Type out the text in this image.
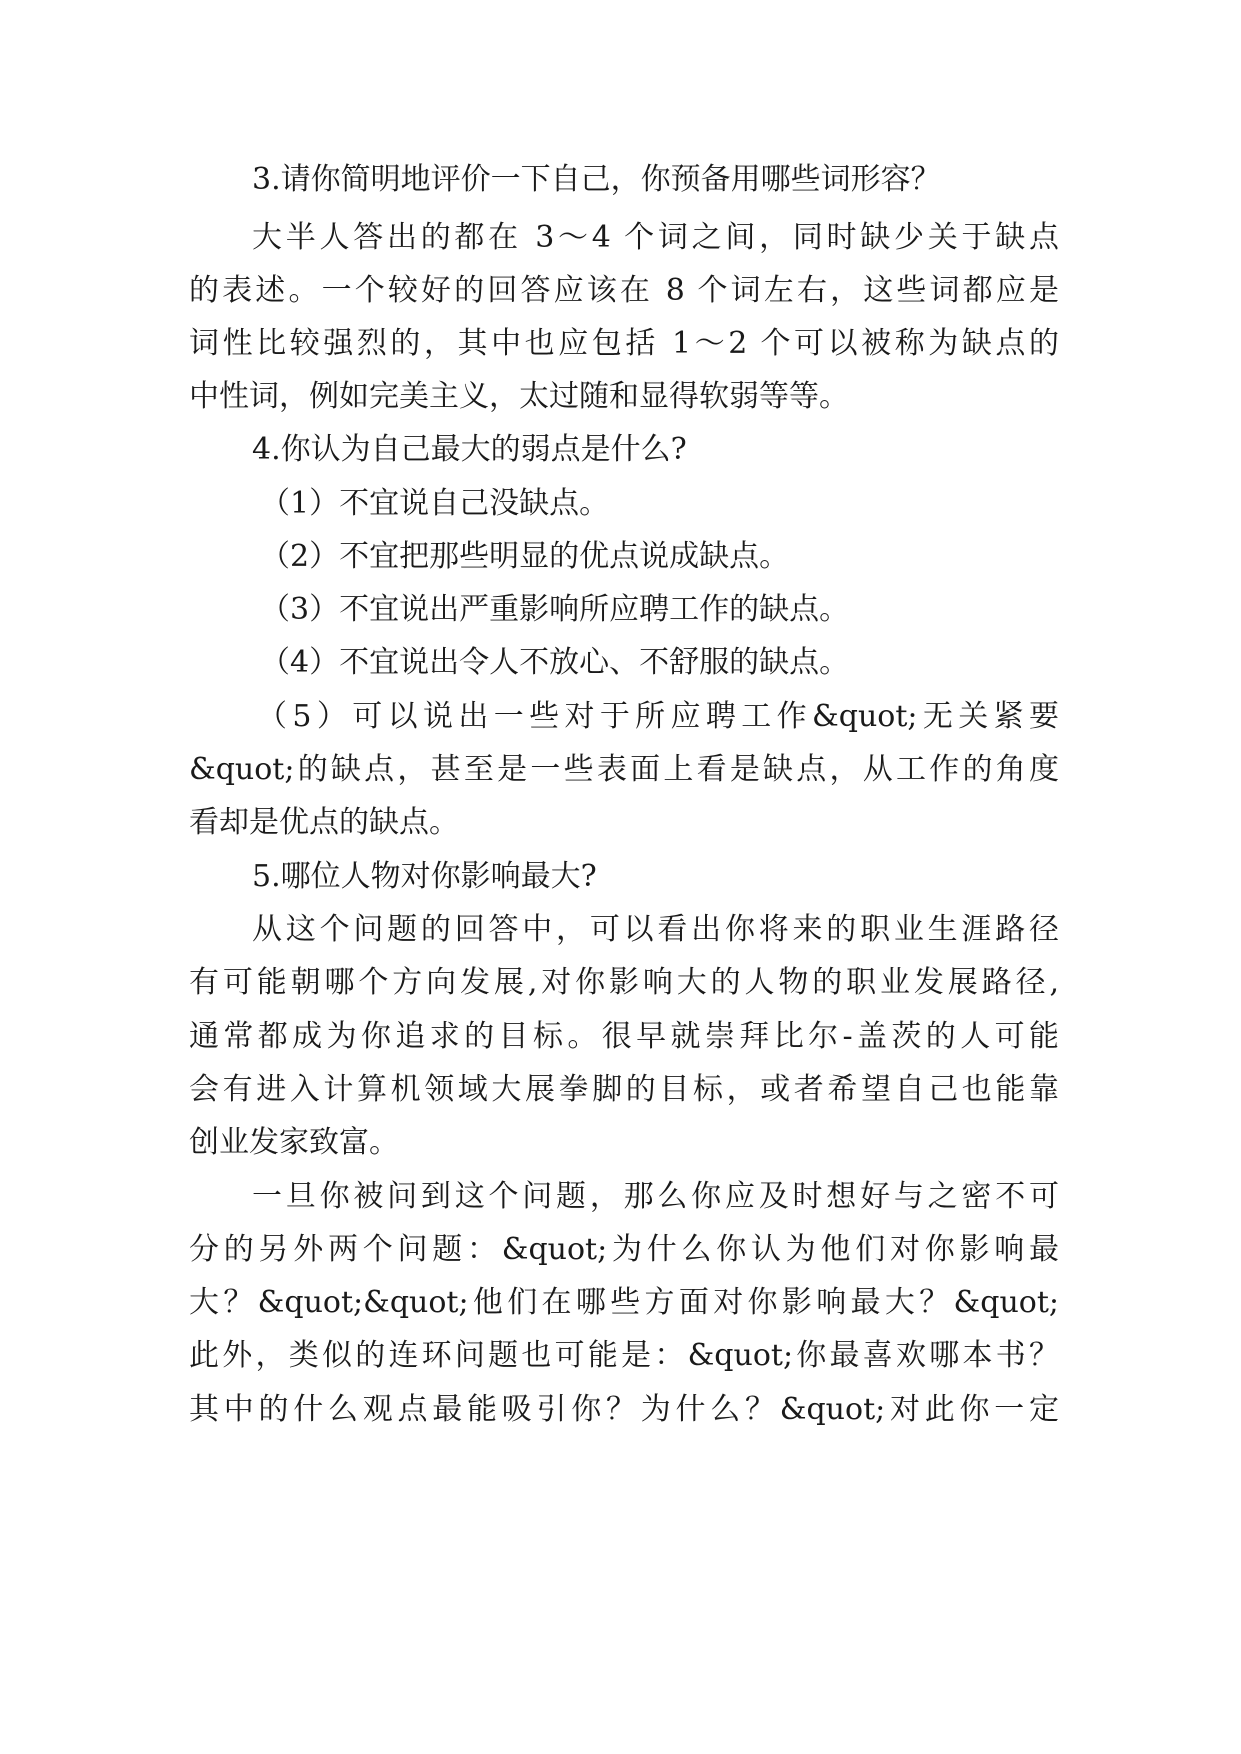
3.请你简明地评价一下自己，你预备用哪些词形容？
大半人答出的都在 3～4 个词之间，同时缺少关于缺点
的表述。一个较好的回答应该在 8 个词左右，这些词都应是
词性比较强烈的，其中也应包括 1～2 个可以被称为缺点的
中性词，例如完美主义，太过随和显得软弱等等。
4.你认为自己最大的弱点是什么?
（1）不宜说自己没缺点。
（2）不宜把那些明显的优点说成缺点。
（3）不宜说出严重影响所应聘工作的缺点。
（4）不宜说出令人不放心、不舒服的缺点。
（5）可以说出一些对于所应聘工作&quot;无关紧要
&quot;的缺点，甚至是一些表面上看是缺点，从工作的角度
看却是优点的缺点。
5.哪位人物对你影响最大?
从这个问题的回答中，可以看出你将来的职业生涯路径
有可能朝哪个方向发展,对你影响大的人物的职业发展路径,
通常都成为你追求的目标。很早就崇拜比尔-盖茨的人可能
会有进入计算机领域大展拳脚的目标，或者希望自己也能靠
创业发家致富。
一旦你被问到这个问题，那么你应及时想好与之密不可
分的另外两个问题：&quot;为什么你认为他们对你影响最
大？&quot;&quot;他们在哪些方面对你影响最大？&quot;
此外，类似的连环问题也可能是：&quot;你最喜欢哪本书？
其中的什么观点最能吸引你？为什么？&quot;对此你一定
